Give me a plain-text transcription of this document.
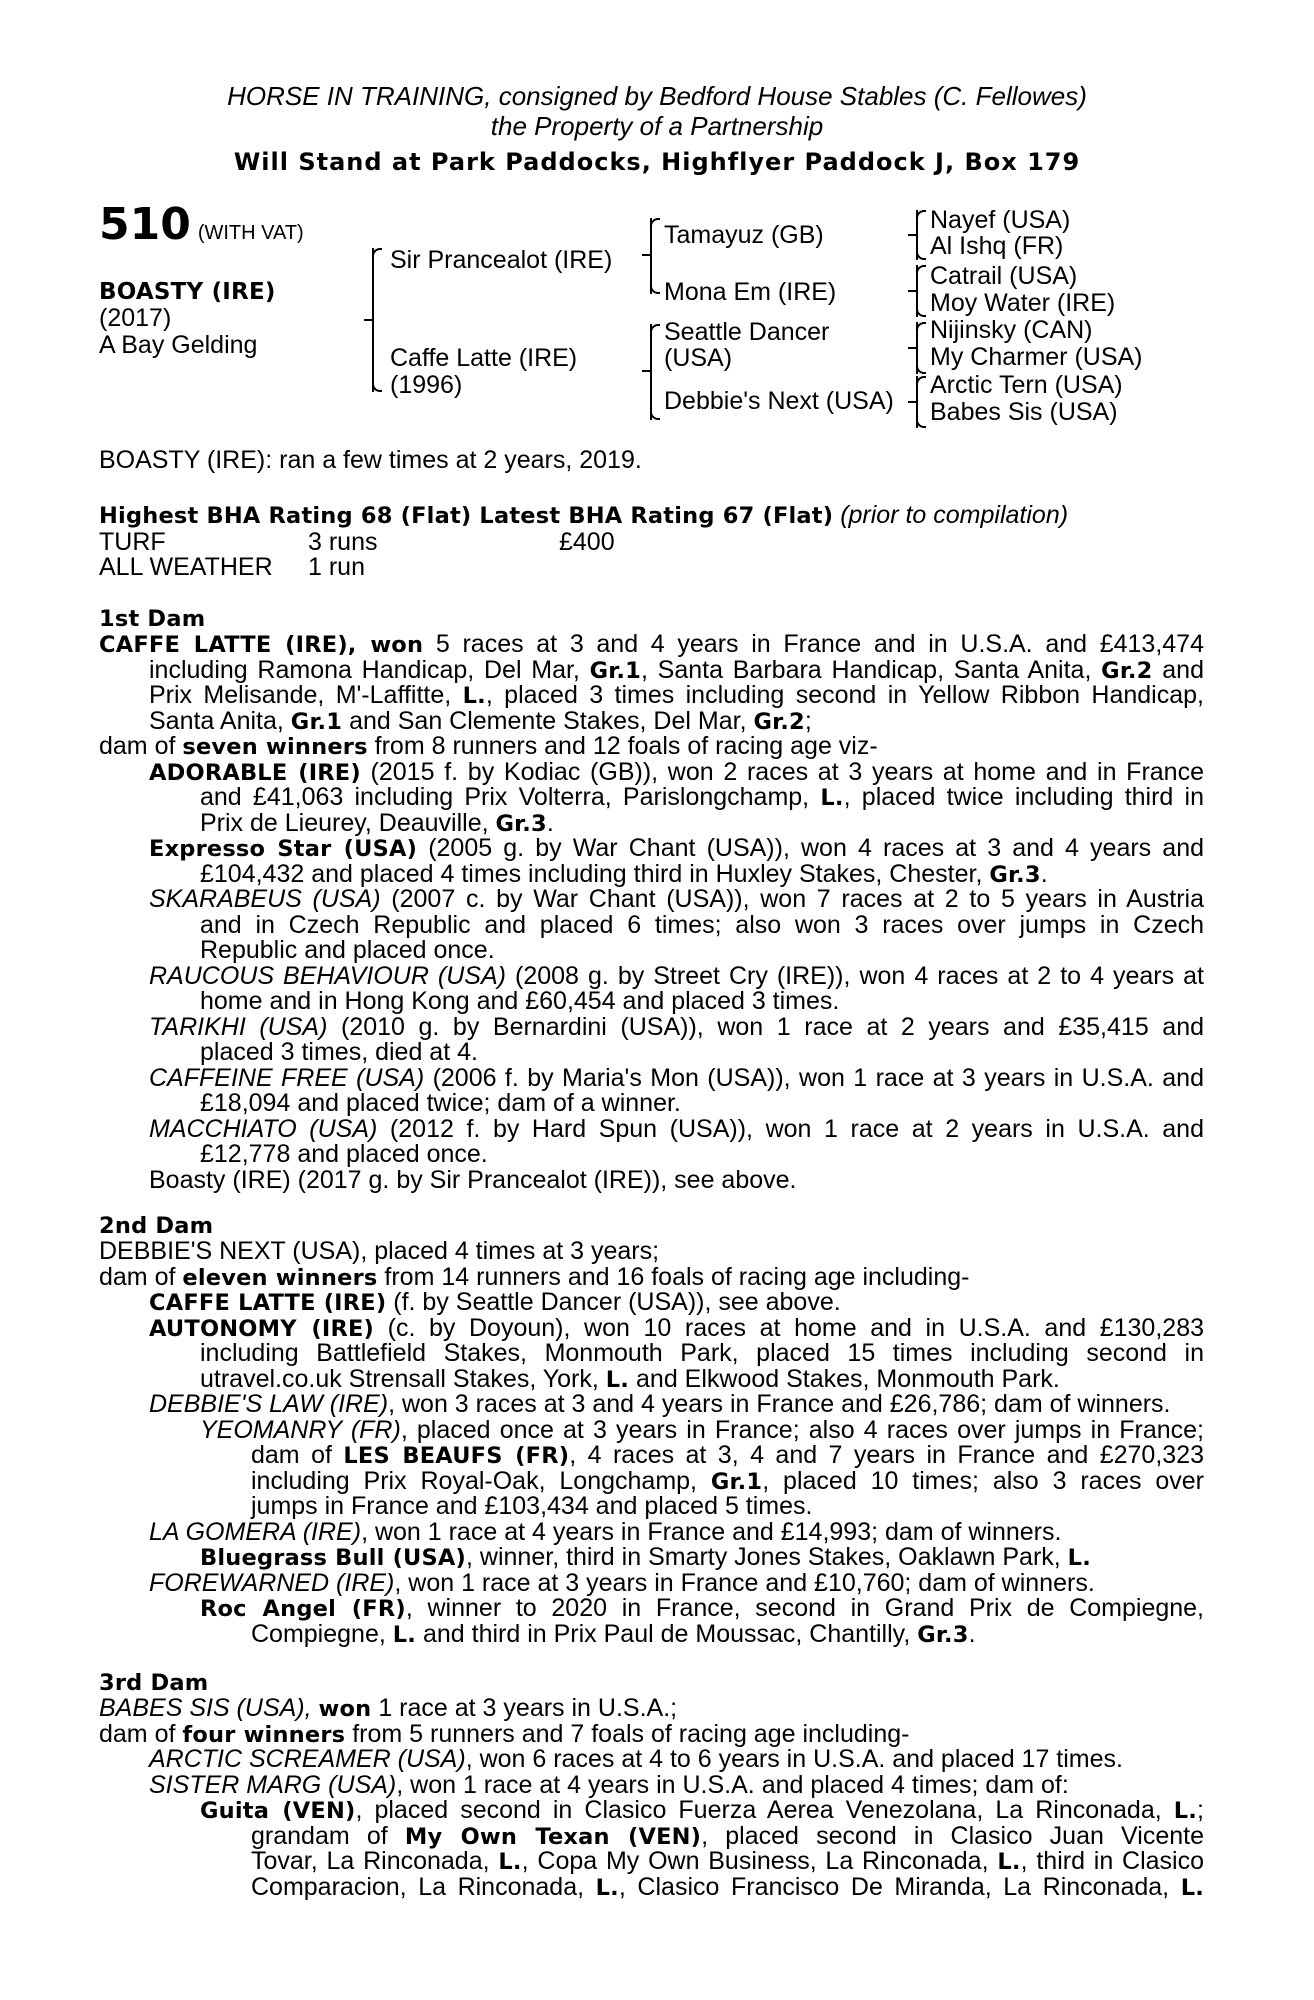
HORSE IN TRAINING, consigned by Bedford House Stables (C. Fellowes)
the Property of a Partnership
Will Stand at Park Paddocks, Highflyer Paddock J, Box 179
510 (WITH VAT)
BOASTY (IRE)
(2017)
A Bay Gelding
Sir Prancealot (IRE)
Caffe Latte (IRE)
(1996)
Tamayuz (GB)
Mona Em (IRE)
Seattle Dancer
(USA)
Debbie's Next (USA)
Nayef (USA)
Al Ishq (FR)
Catrail (USA)
Moy Water (IRE)
Nijinsky (CAN)
My Charmer (USA)
Arctic Tern (USA)
Babes Sis (USA)
BOASTY (IRE): ran a few times at 2 years, 2019.
Highest BHA Rating 68 (Flat) Latest BHA Rating 67 (Flat) (prior to compilation)
TURF	3 runs	£400
ALL WEATHER 1 run
1st Dam
CAFFE LATTE (IRE), won 5 races at 3 and 4 years in France and in U.S.A. and £413,474
including Ramona Handicap, Del Mar, Gr.1, Santa Barbara Handicap, Santa Anita, Gr.2 and
Prix Melisande, M'-Laffitte, L., placed 3 times including second in Yellow Ribbon Handicap,
Santa Anita, Gr.1 and San Clemente Stakes, Del Mar, Gr.2;
dam of seven winners from 8 runners and 12 foals of racing age viz-
ADORABLE (IRE) (2015 f. by Kodiac (GB)), won 2 races at 3 years at home and in France
and £41,063 including Prix Volterra, Parislongchamp, L., placed twice including third in
Prix de Lieurey, Deauville, Gr.3.
Expresso Star (USA) (2005 g. by War Chant (USA)), won 4 races at 3 and 4 years and
£104,432 and placed 4 times including third in Huxley Stakes, Chester, Gr.3.
SKARABEUS (USA) (2007 c. by War Chant (USA)), won 7 races at 2 to 5 years in Austria
and in Czech Republic and placed 6 times; also won 3 races over jumps in Czech
Republic and placed once.
RAUCOUS BEHAVIOUR (USA) (2008 g. by Street Cry (IRE)), won 4 races at 2 to 4 years at
home and in Hong Kong and £60,454 and placed 3 times.
TARIKHI (USA) (2010 g. by Bernardini (USA)), won 1 race at 2 years and £35,415 and
placed 3 times, died at 4.
CAFFEINE FREE (USA) (2006 f. by Maria's Mon (USA)), won 1 race at 3 years in U.S.A. and
£18,094 and placed twice; dam of a winner.
MACCHIATO (USA) (2012 f. by Hard Spun (USA)), won 1 race at 2 years in U.S.A. and
£12,778 and placed once.
Boasty (IRE) (2017 g. by Sir Prancealot (IRE)), see above.
2nd Dam
DEBBIE'S NEXT (USA), placed 4 times at 3 years;
dam of eleven winners from 14 runners and 16 foals of racing age including-
CAFFE LATTE (IRE) (f. by Seattle Dancer (USA)), see above.
AUTONOMY (IRE) (c. by Doyoun), won 10 races at home and in U.S.A. and £130,283
including Battlefield Stakes, Monmouth Park, placed 15 times including second in
utravel.co.uk Strensall Stakes, York, L. and Elkwood Stakes, Monmouth Park.
DEBBIE'S LAW (IRE), won 3 races at 3 and 4 years in France and £26,786; dam of winners.
YEOMANRY (FR), placed once at 3 years in France; also 4 races over jumps in France;
dam of LES BEAUFS (FR), 4 races at 3, 4 and 7 years in France and £270,323
including Prix Royal-Oak, Longchamp, Gr.1, placed 10 times; also 3 races over
jumps in France and £103,434 and placed 5 times.
LA GOMERA (IRE), won 1 race at 4 years in France and £14,993; dam of winners.
Bluegrass Bull (USA), winner, third in Smarty Jones Stakes, Oaklawn Park, L.
FOREWARNED (IRE), won 1 race at 3 years in France and £10,760; dam of winners.
Roc Angel (FR), winner to 2020 in France, second in Grand Prix de Compiegne,
Compiegne, L. and third in Prix Paul de Moussac, Chantilly, Gr.3.
3rd Dam
BABES SIS (USA), won 1 race at 3 years in U.S.A.;
dam of four winners from 5 runners and 7 foals of racing age including-
ARCTIC SCREAMER (USA), won 6 races at 4 to 6 years in U.S.A. and placed 17 times.
SISTER MARG (USA), won 1 race at 4 years in U.S.A. and placed 4 times; dam of:
Guita (VEN), placed second in Clasico Fuerza Aerea Venezolana, La Rinconada, L.;
grandam of My Own Texan (VEN), placed second in Clasico Juan Vicente
Tovar, La Rinconada, L., Copa My Own Business, La Rinconada, L., third in Clasico
Comparacion, La Rinconada, L., Clasico Francisco De Miranda, La Rinconada, L.
